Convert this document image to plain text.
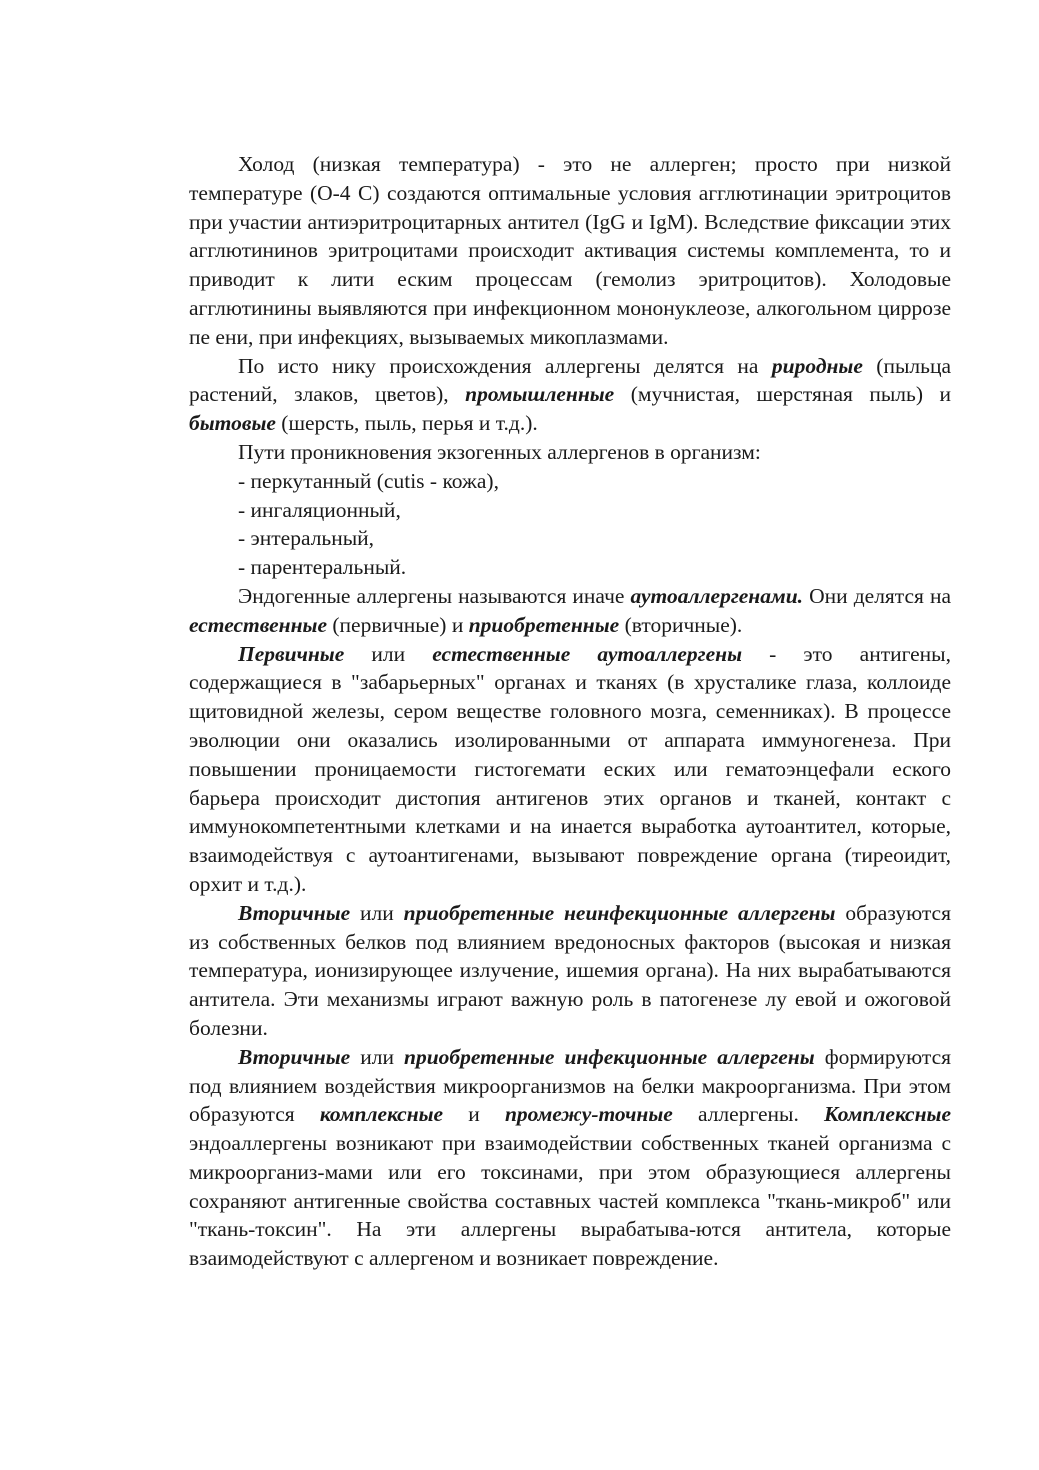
Холод (низкая температура) - это не аллерген; просто при низкой температуре (О-4 С) создаются оптимальные условия агглютинации эритроцитов при участии антиэритроцитарных антител (IgG и IgM). Вследствие фиксации этих агглютининов эритроцитами происходит активация системы комплемента, то и приводит к лити еским процессам (гемолиз эритроцитов). Холодовые агглютинины выявляются при инфекционном мононуклеозе, алкогольном циррозе пе ени, при инфекциях, вызываемых микоплазмами.

По исто нику происхождения аллергены делятся на риродные (пыльца растений, злаков, цветов), промышленные (мучнистая, шерстяная пыль) и бытовые (шерсть, пыль, перья и т.д.).

Пути проникновения экзогенных аллергенов в организм:

- перкутанный (cutis - кожа),

- ингаляционный,

- энтеральный,

- парентеральный.

Эндогенные аллергены называются иначе аутоаллергенами. Они делятся на естественные (первичные) и приобретенные (вторичные).

Первичные или естественные аутоаллергены - это антигены, содержащиеся в "забарьерных" органах и тканях (в хрусталике глаза, коллоиде щитовидной железы, сером веществе головного мозга, семенниках). В процессе эволюции они оказались изолированными от аппарата иммуногенеза. При повышении проницаемости гистогемати еских или гематоэнцефали еского барьера происходит дистопия антигенов этих органов и тканей, контакт с иммунокомпетентными клетками и на инается выработка аутоантител, которые, взаимодействуя с аутоантигенами, вызывают повреждение органа (тиреоидит, орхит и т.д.).

Вторичные или приобретенные неинфекционные аллергены образуются из собственных белков под влиянием вредоносных факторов (высокая и низкая температура, ионизирующее излучение, ишемия органа). На них вырабатываются антитела. Эти механизмы играют важную роль в патогенезе лу евой и ожоговой болезни.

Вторичные или приобретенные инфекционные аллергены формируются под влиянием воздействия микроорганизмов на белки макроорганизма. При этом образуются комплексные и промежу-точные аллергены. Комплексные эндоаллергены возникают при взаимодействии собственных тканей организма с микроорганиз-мами или его токсинами, при этом образующиеся аллергены сохраняют антигенные свойства составных частей комплекса "ткань-микроб" или "ткань-токсин". На эти аллергены вырабатыва-ются антитела, которые взаимодействуют с аллергеном и возникает повреждение.
